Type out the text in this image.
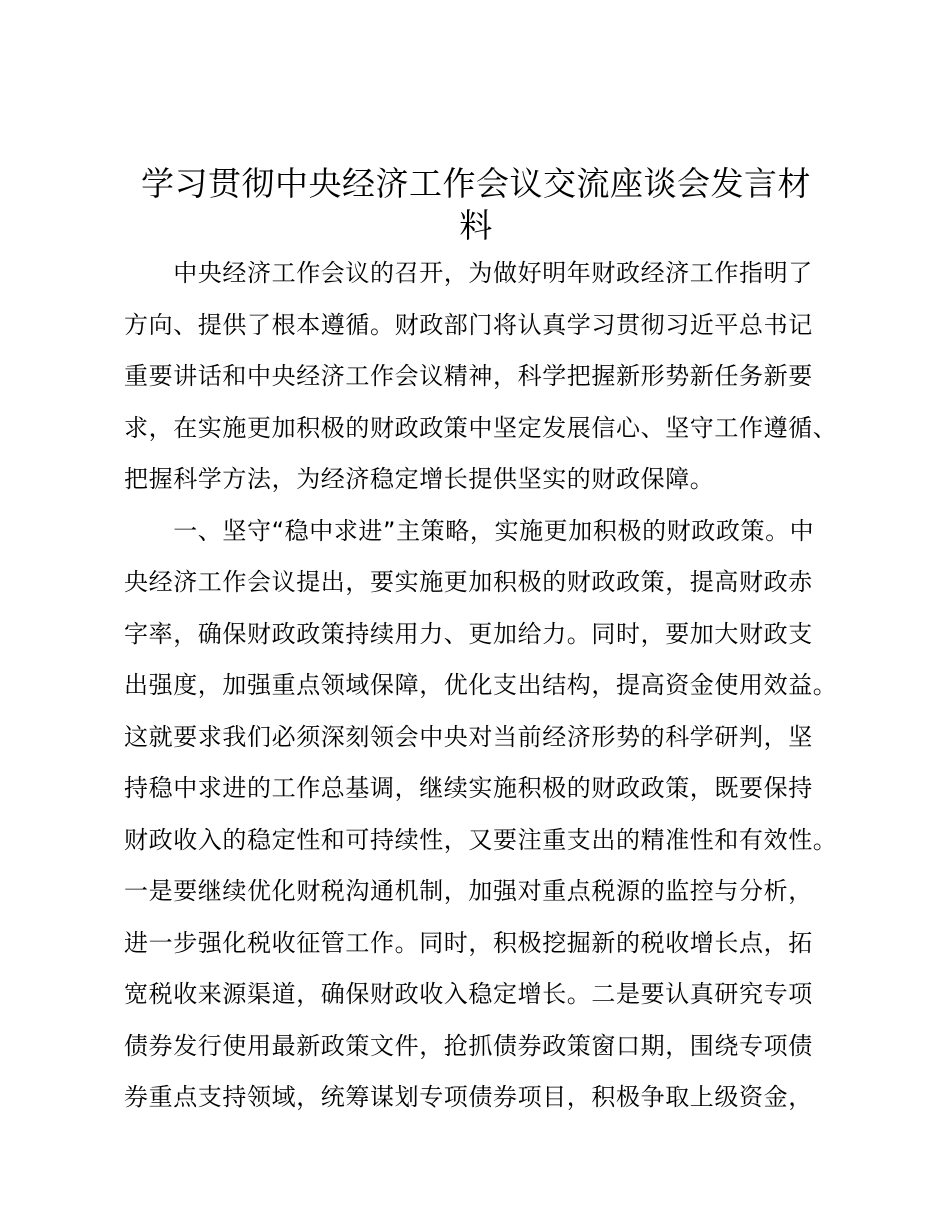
学习贯彻中央经济工作会议交流座谈会发言材
料

　　中央经济工作会议的召开，为做好明年财政经济工作指明了

方向、提供了根本遵循。财政部门将认真学习贯彻习近平总书记

重要讲话和中央经济工作会议精神，科学把握新形势新任务新要

求，在实施更加积极的财政政策中坚定发展信心、坚守工作遵循、

把握科学方法，为经济稳定增长提供坚实的财政保障。

　　一、坚守“稳中求进”主策略，实施更加积极的财政政策。中

央经济工作会议提出，要实施更加积极的财政政策，提高财政赤

字率，确保财政政策持续用力、更加给力。同时，要加大财政支

出强度，加强重点领域保障，优化支出结构，提高资金使用效益。

这就要求我们必须深刻领会中央对当前经济形势的科学研判，坚

持稳中求进的工作总基调，继续实施积极的财政政策，既要保持

财政收入的稳定性和可持续性，又要注重支出的精准性和有效性。

一是要继续优化财税沟通机制，加强对重点税源的监控与分析，

进一步强化税收征管工作。同时，积极挖掘新的税收增长点，拓

宽税收来源渠道，确保财政收入稳定增长。二是要认真研究专项

债券发行使用最新政策文件，抢抓债券政策窗口期，围绕专项债

券重点支持领域，统筹谋划专项债券项目，积极争取上级资金，
